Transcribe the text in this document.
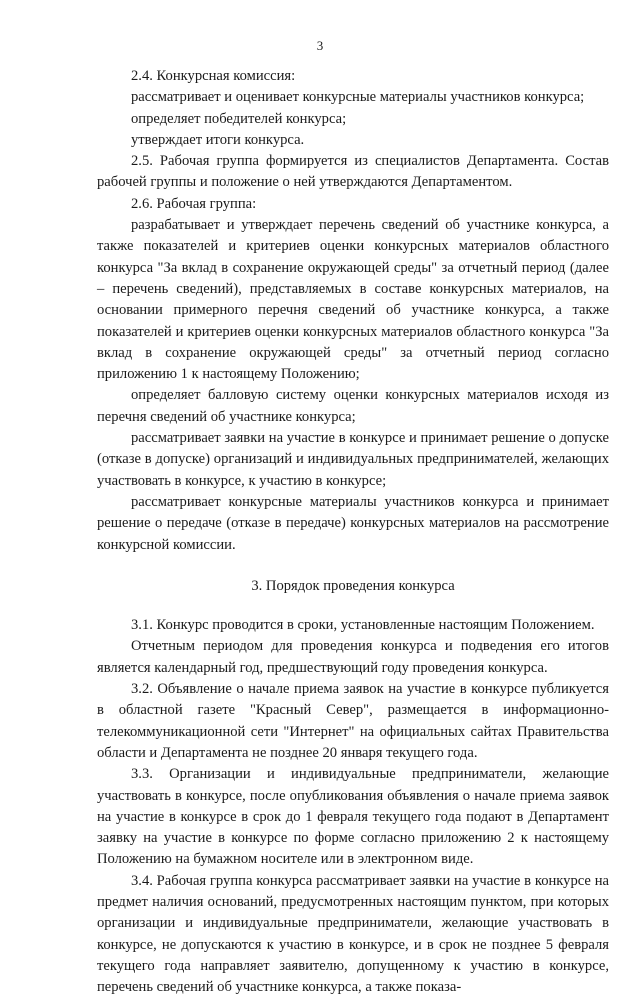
3

2.4. Конкурсная комиссия:

рассматривает и оценивает конкурсные материалы участников конкурса;

определяет победителей конкурса;

утверждает итоги конкурса.

2.5. Рабочая группа формируется из специалистов Департамента. Состав рабочей группы и положение о ней утверждаются Департаментом.

2.6. Рабочая группа:

разрабатывает и утверждает перечень сведений об участнике конкурса, а также показателей и критериев оценки конкурсных материалов областного конкурса "За вклад в сохранение окружающей среды" за отчетный период (далее – перечень сведений), представляемых в составе конкурсных материалов, на основании примерного перечня сведений об участнике конкурса, а также показателей и критериев оценки конкурсных материалов областного конкурса "За вклад в сохранение окружающей среды" за отчетный период согласно приложению 1 к настоящему Положению;

определяет балловую систему оценки конкурсных материалов исходя из перечня сведений об участнике конкурса;

рассматривает заявки на участие в конкурсе и принимает решение о допуске (отказе в допуске) организаций и индивидуальных предпринимателей, желающих участвовать в конкурсе, к участию в конкурсе;

рассматривает конкурсные материалы участников конкурса и принимает решение о передаче (отказе в передаче) конкурсных материалов на рассмотрение конкурсной комиссии.

3. Порядок проведения конкурса

3.1. Конкурс проводится в сроки, установленные настоящим Положением.

Отчетным периодом для проведения конкурса и подведения его итогов является календарный год, предшествующий году проведения конкурса.

3.2. Объявление о начале приема заявок на участие в конкурсе публикуется в областной газете "Красный Север", размещается в информационно-телекоммуникационной сети "Интернет" на официальных сайтах Правительства области и Департамента не позднее 20 января текущего года.

3.3. Организации и индивидуальные предприниматели, желающие участвовать в конкурсе, после опубликования объявления о начале приема заявок на участие в конкурсе в срок до 1 февраля текущего года подают в Департамент заявку на участие в конкурсе по форме согласно приложению 2 к настоящему Положению на бумажном носителе или в электронном виде.

3.4. Рабочая группа конкурса рассматривает заявки на участие в конкурсе на предмет наличия оснований, предусмотренных настоящим пунктом, при которых организации и индивидуальные предприниматели, желающие участвовать в конкурсе, не допускаются к участию в конкурсе, и в срок не позднее 5 февраля текущего года направляет заявителю, допущенному к участию в конкурсе, перечень сведений об участнике конкурса, а также показа-
